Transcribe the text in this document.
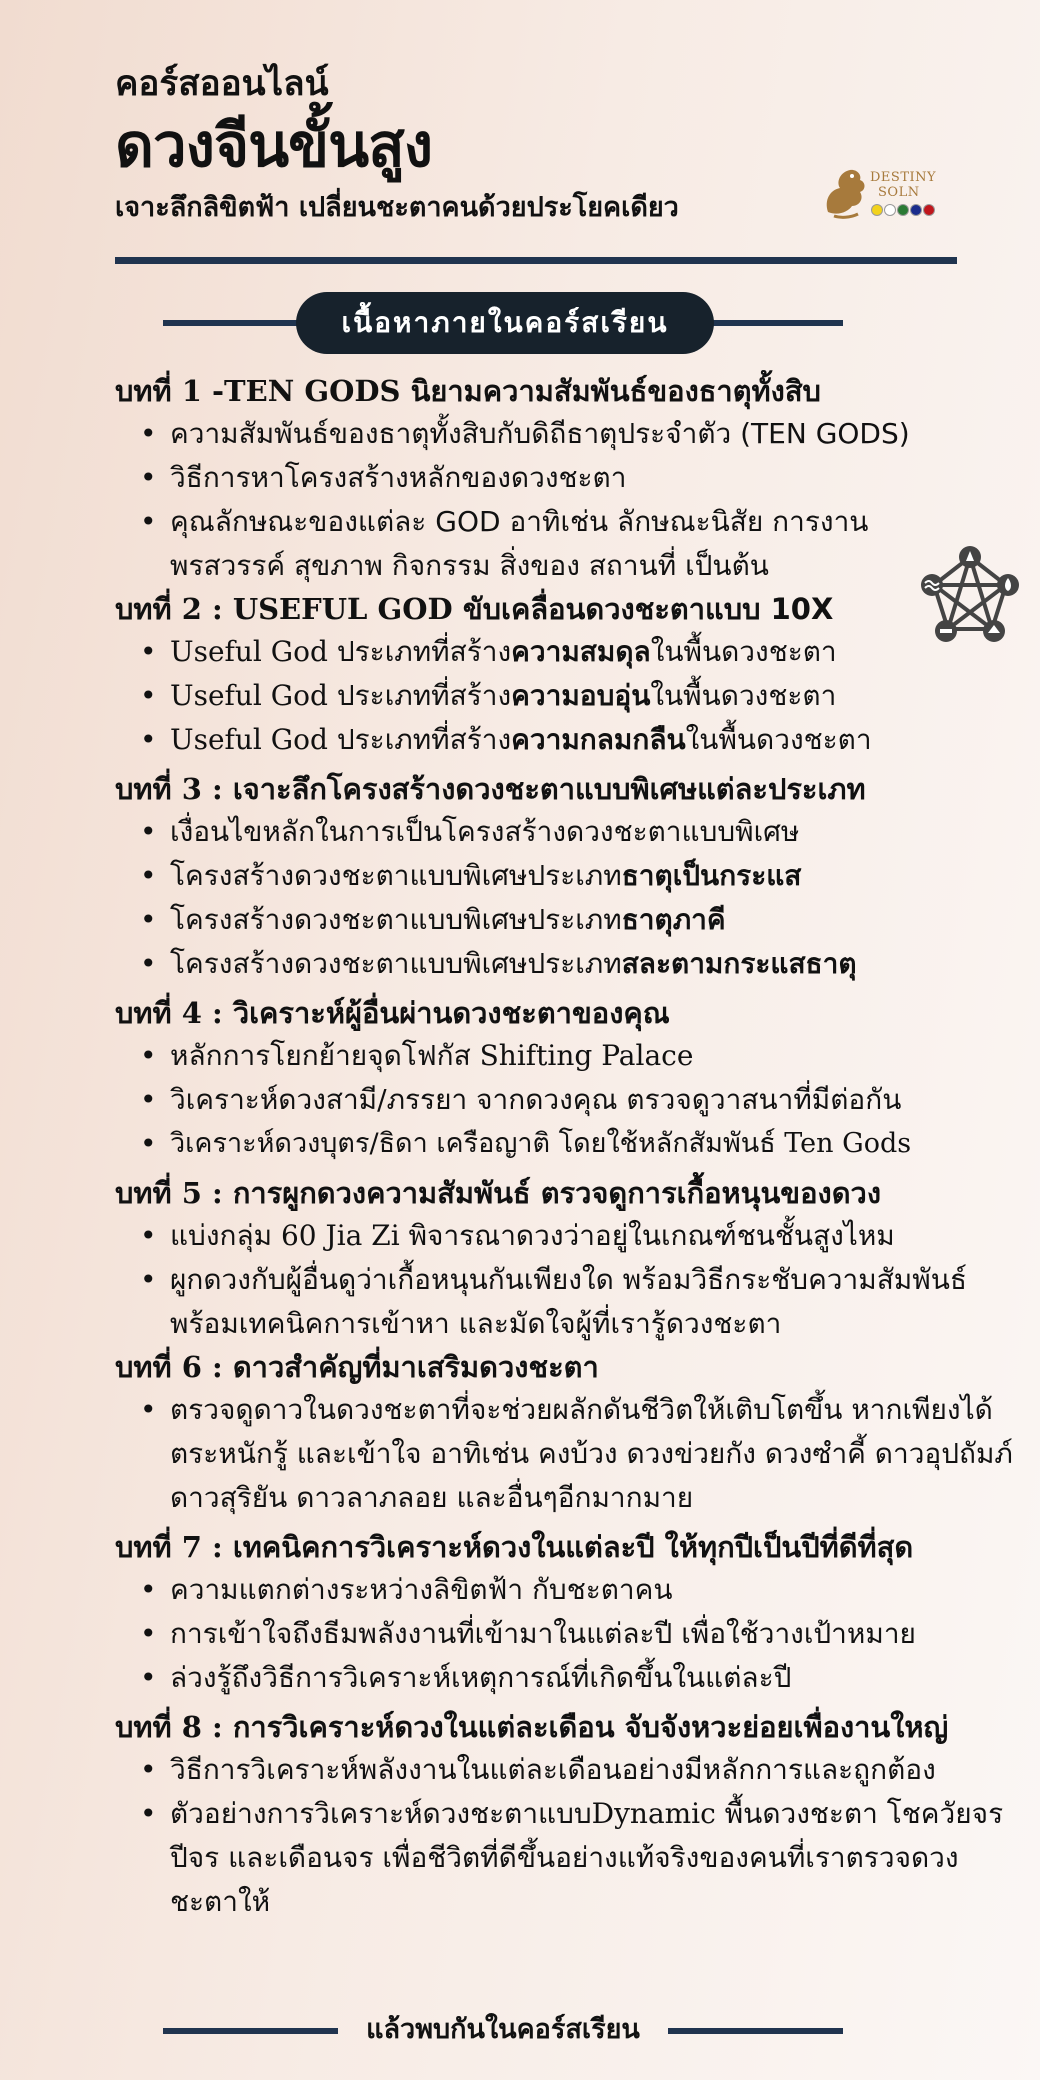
คอร์สออนไลน์

ดวงจีนขั้นสูง

เจาะลึกลิขิตฟ้า เปลี่ยนชะตาคนด้วยประโยคเดียว

DESTINY
SOLN
เนื้อหาภายในคอร์สเรียน

บทที่ 1 -TEN GODS นิยามความสัมพันธ์ของธาตุทั้งสิบ

• ความสัมพันธ์ของธาตุทั้งสิบกับดิถีธาตุประจำตัว (TEN GODS)
• วิธีการหาโครงสร้างหลักของดวงชะตา
• คุณลักษณะของแต่ละ GOD อาทิเช่น ลักษณะนิสัย การงาน พรสวรรค์ สุขภาพ กิจกรรม สิ่งของ สถานที่ เป็นต้น

บทที่ 2 : USEFUL GOD ขับเคลื่อนดวงชะตาแบบ 10X

• Useful God ประเภทที่สร้างความสมดุลในพื้นดวงชะตา
• Useful God ประเภทที่สร้างความอบอุ่นในพื้นดวงชะตา
• Useful God ประเภทที่สร้างความกลมกลืนในพื้นดวงชะตา

บทที่ 3 : เจาะลึกโครงสร้างดวงชะตาแบบพิเศษแต่ละประเภท

• เงื่อนไขหลักในการเป็นโครงสร้างดวงชะตาแบบพิเศษ
• โครงสร้างดวงชะตาแบบพิเศษประเภทธาตุเป็นกระแส
• โครงสร้างดวงชะตาแบบพิเศษประเภทธาตุภาคี
• โครงสร้างดวงชะตาแบบพิเศษประเภทสละตามกระแสธาตุ

บทที่ 4 : วิเคราะห์ผู้อื่นผ่านดวงชะตาของคุณ

• หลักการโยกย้ายจุดโฟกัส Shifting Palace
• วิเคราะห์ดวงสามี/ภรรยา จากดวงคุณ ตรวจดูวาสนาที่มีต่อกัน
• วิเคราะห์ดวงบุตร/ธิดา เครือญาติ โดยใช้หลักสัมพันธ์ Ten Gods

บทที่ 5 : การผูกดวงความสัมพันธ์ ตรวจดูการเกื้อหนุนของดวง

• แบ่งกลุ่ม 60 Jia Zi พิจารณาดวงว่าอยู่ในเกณฑ์ชนชั้นสูงไหม
• ผูกดวงกับผู้อื่นดูว่าเกื้อหนุนกันเพียงใด พร้อมวิธีกระชับความสัมพันธ์ พร้อมเทคนิคการเข้าหา และมัดใจผู้ที่เรารู้ดวงชะตา

บทที่ 6 : ดาวสำคัญที่มาเสริมดวงชะตา

• ตรวจดูดาวในดวงชะตาที่จะช่วยผลักดันชีวิตให้เติบโตขึ้น หากเพียงได้ตระหนักรู้ และเข้าใจ อาทิเช่น คงบ้วง ดวงข่วยกัง ดวงซำคี้ ดาวอุปถัมภ์ ดาวสุริยัน ดาวลาภลอย และอื่นๆอีกมากมาย

บทที่ 7 : เทคนิคการวิเคราะห์ดวงในแต่ละปี ให้ทุกปีเป็นปีที่ดีที่สุด

• ความแตกต่างระหว่างลิขิตฟ้า กับชะตาคน
• การเข้าใจถึงธีมพลังงานที่เข้ามาในแต่ละปี เพื่อใช้วางเป้าหมาย
• ล่วงรู้ถึงวิธีการวิเคราะห์เหตุการณ์ที่เกิดขึ้นในแต่ละปี

บทที่ 8 : การวิเคราะห์ดวงในแต่ละเดือน จับจังหวะย่อยเพื่องานใหญ่

• วิธีการวิเคราะห์พลังงานในแต่ละเดือนอย่างมีหลักการและถูกต้อง
• ตัวอย่างการวิเคราะห์ดวงชะตาแบบDynamic พื้นดวงชะตา โชควัยจร ปีจร และเดือนจร เพื่อชีวิตที่ดีขึ้นอย่างแท้จริงของคนที่เราตรวจดวงชะตาให้
แล้วพบกันในคอร์สเรียน
